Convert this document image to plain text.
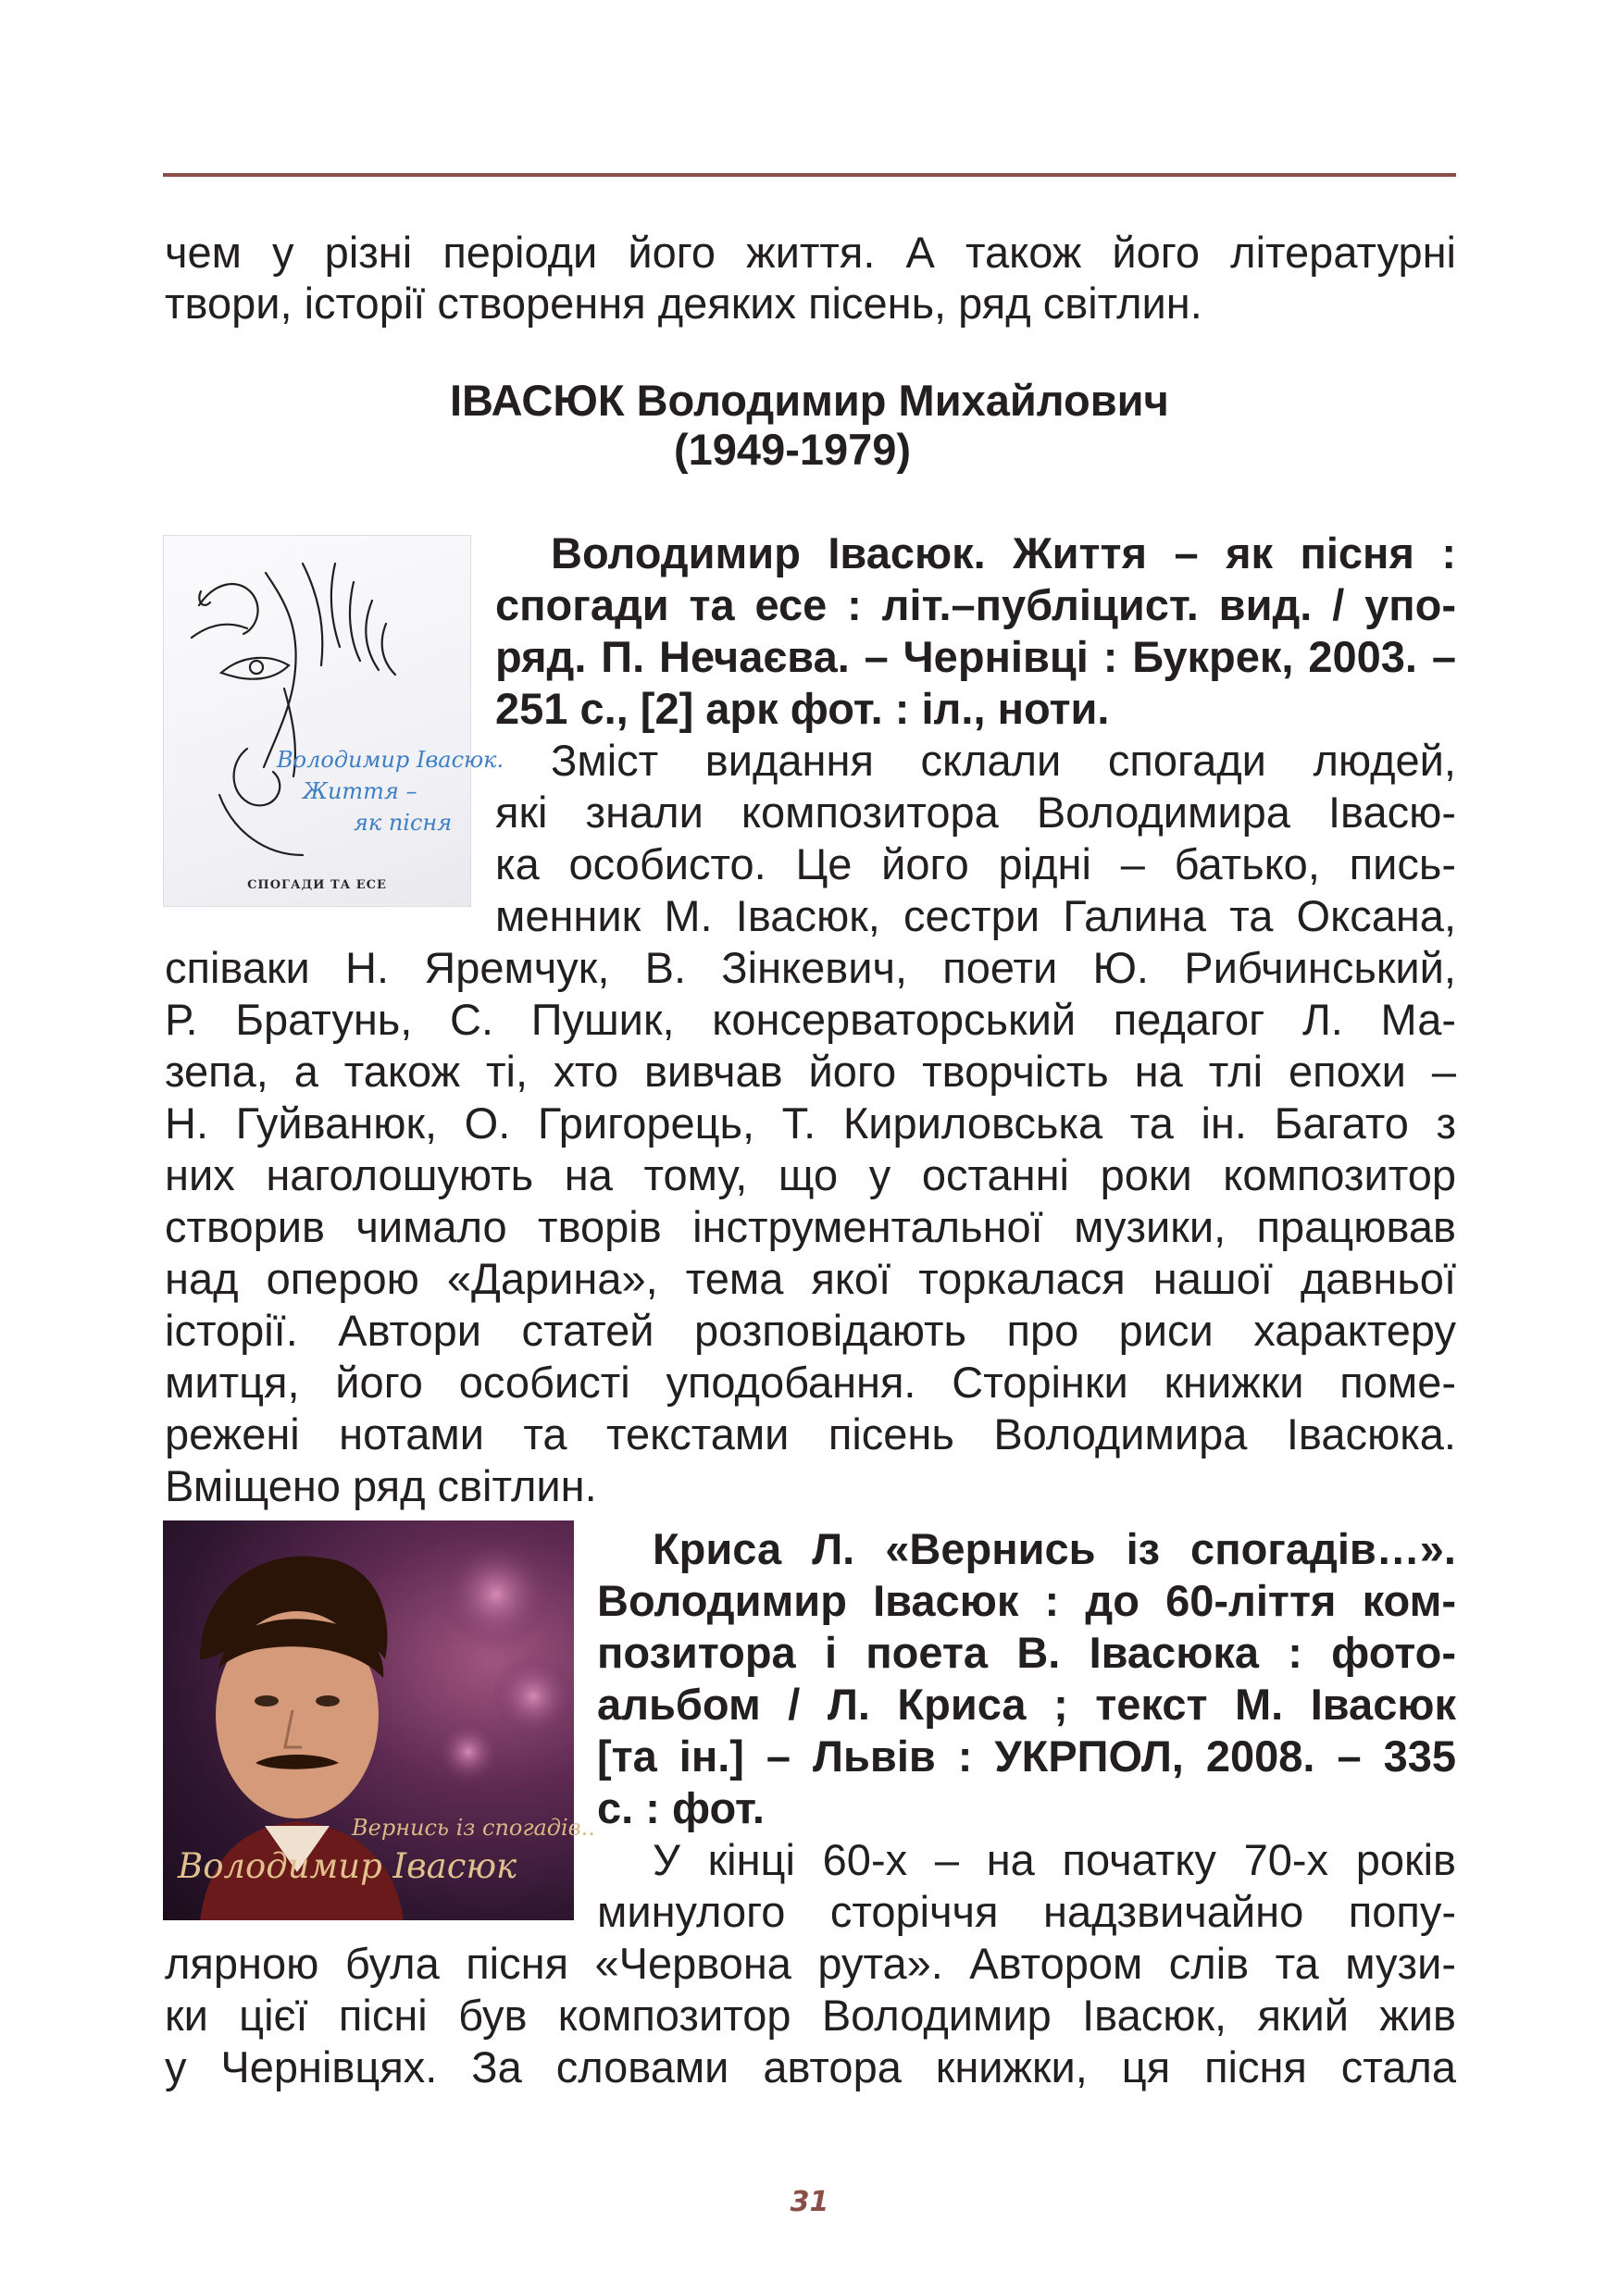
чем у різні періоди його життя. А також його літературні
твори, історії створення деяких пісень, ряд світлин.
ІВАСЮК Володимир Михайлович
(1949-1979)
Володимир Івасюк.
Життя –
як пісня
СПОГАДИ ТА ЕСЕ
Володимир Івасюк. Життя – як пісня :
спогади та есе : літ.–публіцист. вид. / упо-
ряд. П. Нечаєва. – Чернівці : Букрек, 2003. –
251 с., [2] арк фот. : іл., ноти.
Зміст видання склали спогади людей,
які знали композитора Володимира Івасю-
ка особисто. Це його рідні – батько, пись-
менник М. Івасюк, сестри Галина та Оксана,
співаки Н. Яремчук, В. Зінкевич, поети Ю. Рибчинський,
Р. Братунь, С. Пушик, консерваторський педагог Л. Ма-
зепа, а також ті, хто вивчав його творчість на тлі епохи –
Н. Гуйванюк, О. Григорець, Т. Кириловська та ін. Багато з
них наголошують на тому, що у останні роки композитор
створив чимало творів інструментальної музики, працював
над оперою «Дарина», тема якої торкалася нашої давньої
історії. Автори статей розповідають про риси характеру
митця, його особисті уподобання. Сторінки книжки поме-
режені нотами та текстами пісень Володимира Івасюка.
Вміщено ряд світлин.
Вернись із спогадів..
Володимир Івасюк
Криса Л. «Вернись із спогадів…».
Володимир Івасюк : до 60-ліття ком-
позитора і поета В. Івасюка : фото-
альбом / Л. Криса ; текст М. Івасюк
[та ін.] – Львів : УКРПОЛ, 2008. – 335
с. : фот.
У кінці 60-х – на початку 70-х років
минулого сторіччя надзвичайно попу-
лярною була пісня «Червона рута». Автором слів та музи-
ки цієї пісні був композитор Володимир Івасюк, який жив
у Чернівцях. За словами автора книжки, ця пісня стала
31
